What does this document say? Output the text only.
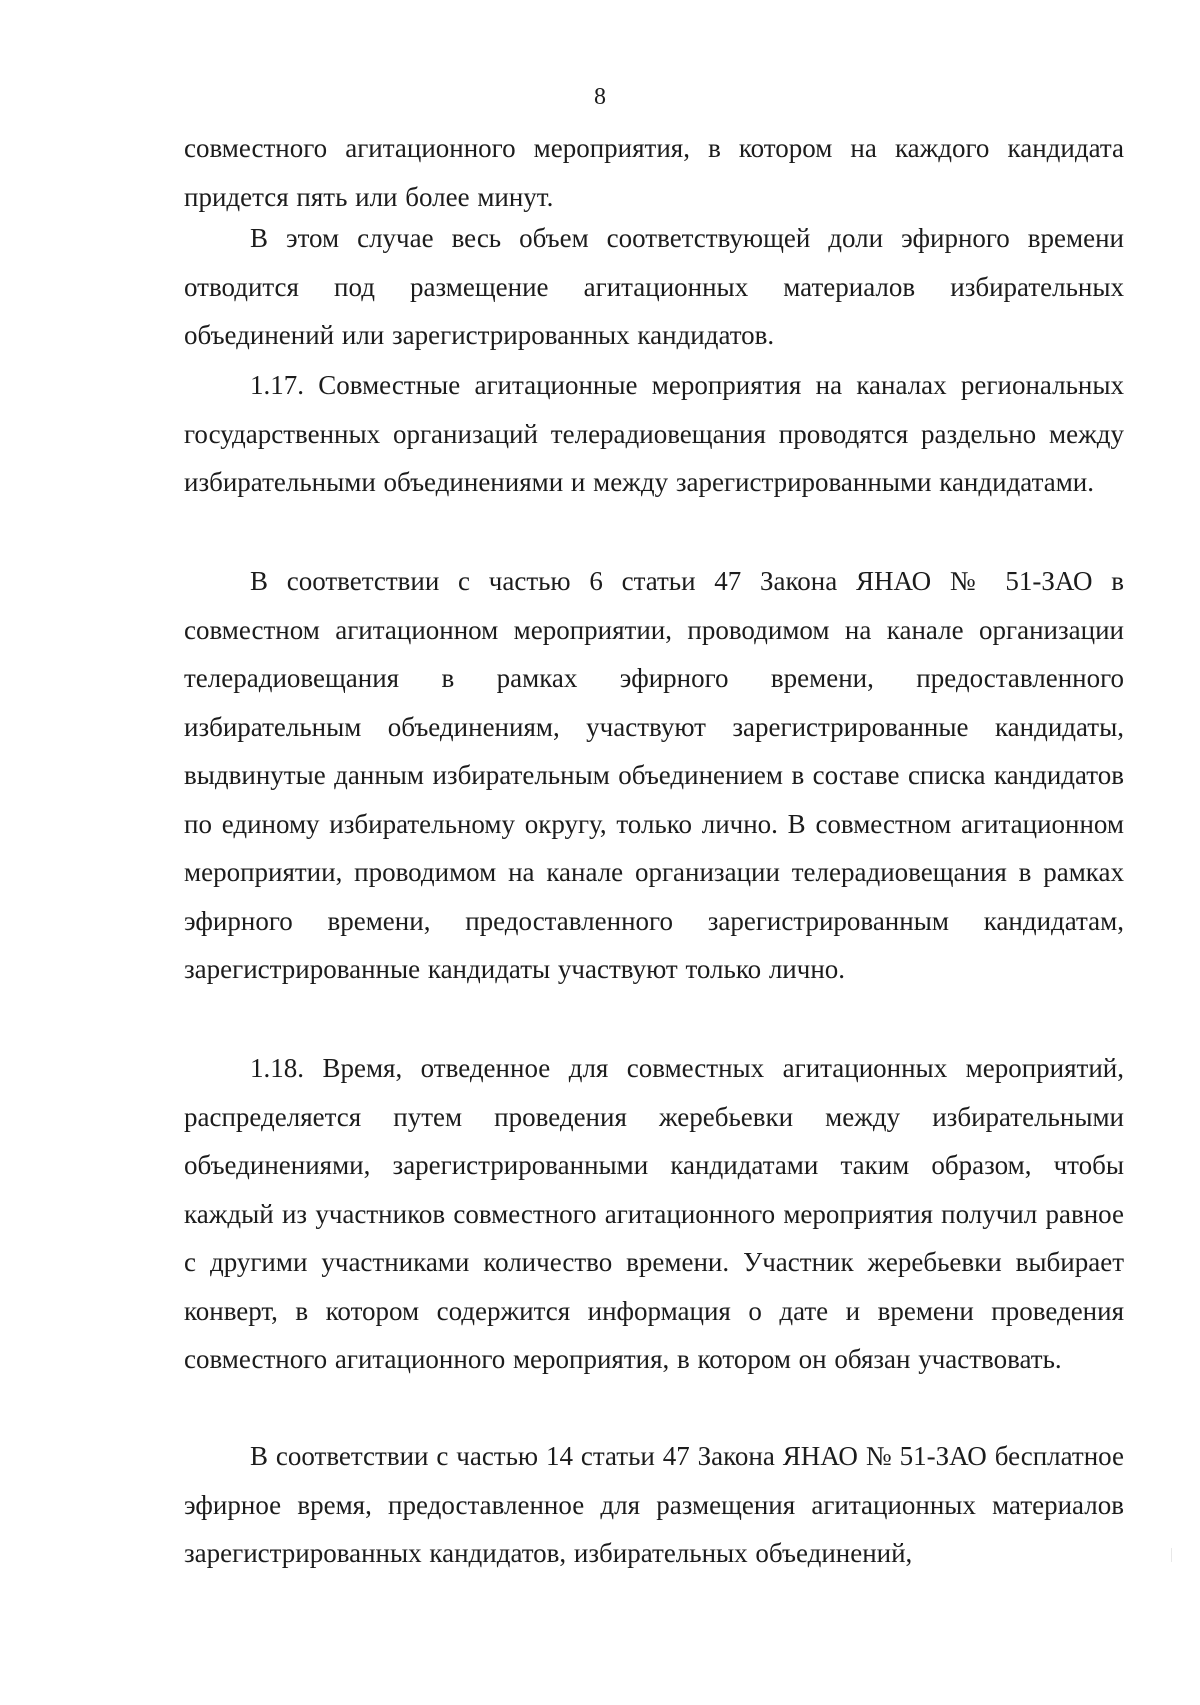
8

совместного агитационного мероприятия, в котором на каждого кандидата придется пять или более минут.

В этом случае весь объем соответствующей доли эфирного времени отводится под размещение агитационных материалов избирательных объединений или зарегистрированных кандидатов.

1.17. Совместные агитационные мероприятия на каналах региональных государственных организаций телерадиовещания проводятся раздельно между избирательными объединениями и между зарегистрированными кандидатами.

В соответствии с частью 6 статьи 47 Закона ЯНАО № 51-ЗАО в совместном агитационном мероприятии, проводимом на канале организации телерадиовещания в рамках эфирного времени, предоставленного избирательным объединениям, участвуют зарегистрированные кандидаты, выдвинутые данным избирательным объединением в составе списка кандидатов по единому избирательному округу, только лично. В совместном агитационном мероприятии, проводимом на канале организации телерадиовещания в рамках эфирного времени, предоставленного зарегистрированным кандидатам, зарегистрированные кандидаты участвуют только лично.

1.18. Время, отведенное для совместных агитационных мероприятий, распределяется путем проведения жеребьевки между избирательными объединениями, зарегистрированными кандидатами таким образом, чтобы каждый из участников совместного агитационного мероприятия получил равное с другими участниками количество времени. Участник жеребьевки выбирает конверт, в котором содержится информация о дате и времени проведения совместного агитационного мероприятия, в котором он обязан участвовать.

В соответствии с частью 14 статьи 47 Закона ЯНАО № 51-ЗАО бесплатное эфирное время, предоставленное для размещения агитационных материалов зарегистрированных кандидатов, избирательных объединений,
